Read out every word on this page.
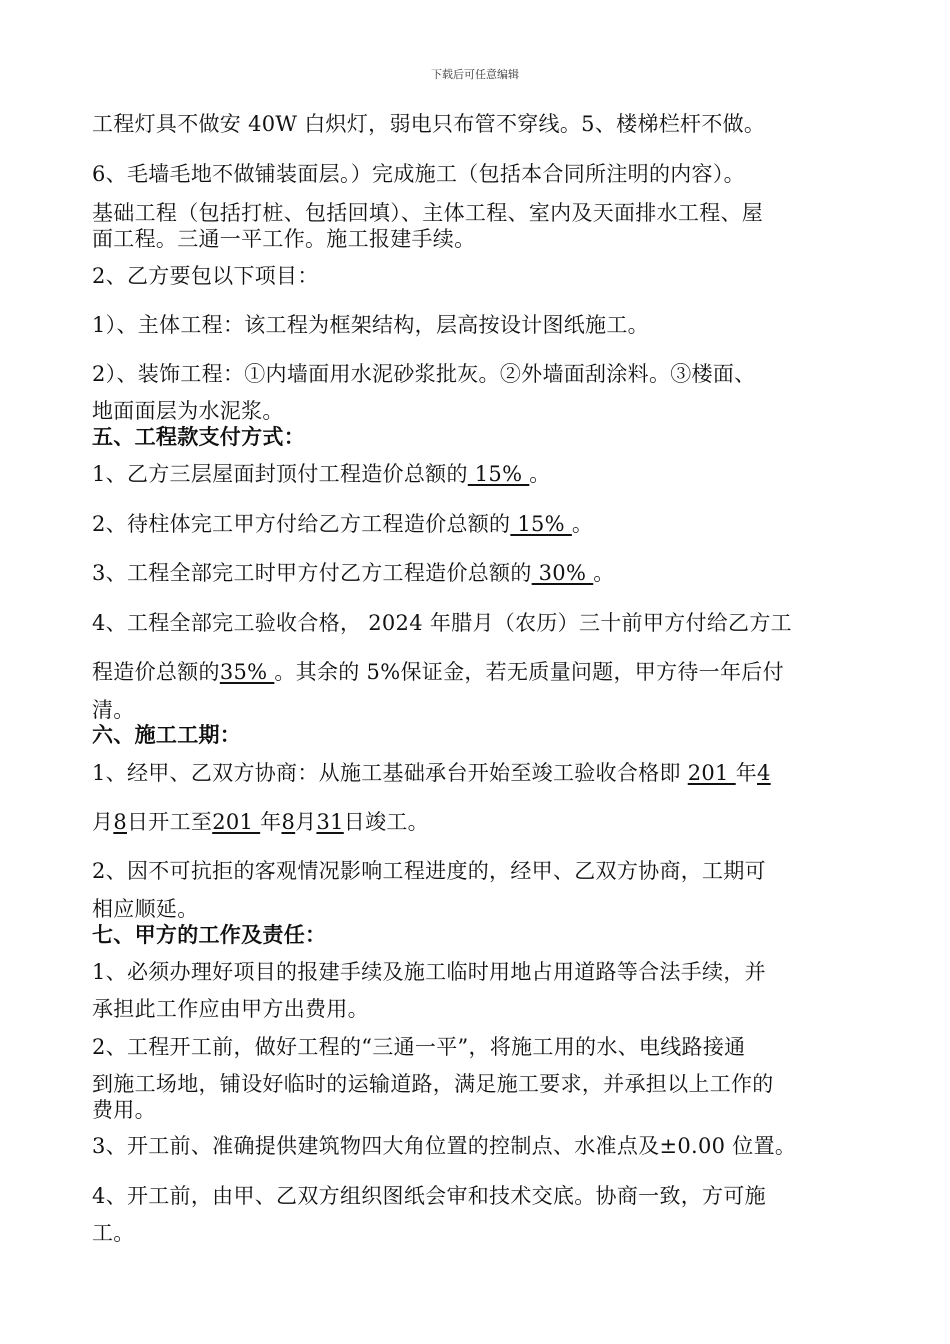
下载后可任意编辑
工程灯具不做安 40W 白炽灯，弱电只布管不穿线。5、楼梯栏杆不做。
6、毛墙毛地不做铺装面层。）完成施工（包括本合同所注明的内容）。
基础工程（包括打桩、包括回填）、主体工程、室内及天面排水工程、屋
面工程。三通一平工作。施工报建手续。
2、乙方要包以下项目：
1）、主体工程：该工程为框架结构，层高按设计图纸施工。
2）、装饰工程：①内墙面用水泥砂浆批灰。②外墙面刮涂料。③楼面、
地面面层为水泥浆。
五、工程款支付方式：
1、乙方三层屋面封顶付工程造价总额的 15% 。
2、待柱体完工甲方付给乙方工程造价总额的 15% 。
3、工程全部完工时甲方付乙方工程造价总额的 30% 。
4、工程全部完工验收合格， 2024 年腊月（农历）三十前甲方付给乙方工
程造价总额的35% 。其余的 5%保证金，若无质量问题，甲方待一年后付
清。
六、施工工期：
1、经甲、乙双方协商：从施工基础承台开始至竣工验收合格即 201 年4
月8日开工至201 年8月31日竣工。
2、因不可抗拒的客观情况影响工程进度的，经甲、乙双方协商，工期可
相应顺延。
七、甲方的工作及责任：
1、必须办理好项目的报建手续及施工临时用地占用道路等合法手续，并
承担此工作应由甲方出费用。
2、工程开工前，做好工程的“三通一平”，将施工用的水、电线路接通
到施工场地，铺设好临时的运输道路，满足施工要求，并承担以上工作的
费用。
3、开工前、准确提供建筑物四大角位置的控制点、水准点及±0.00 位置。
4、开工前，由甲、乙双方组织图纸会审和技术交底。协商一致，方可施
工。
